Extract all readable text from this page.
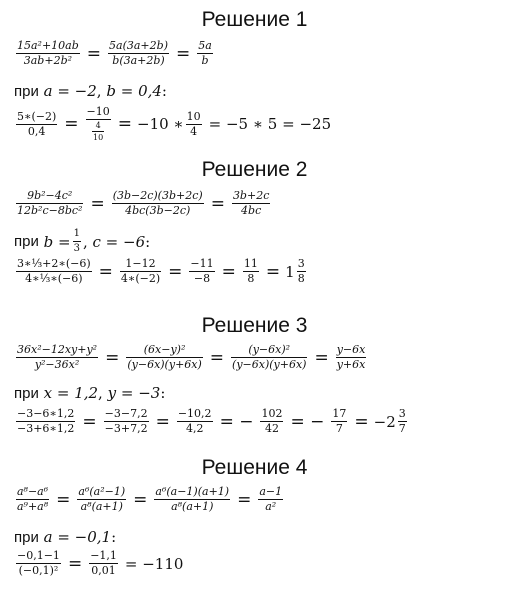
Решение 1
$\frac{\text{15a²+10ab}}{\text{3ab+2b²}} = \frac{5a(3a+2b)}{b(3a+2b)} = \frac{5a}{b}$
при
a = −2 ,
b = 0,4 :
$\frac{5∗(-2)}{0,4} = \frac{-10}{\frac{4}{10}} = -10$ ∗ $\frac{10}{4} = -5$ ∗ 5 = −25
Решение 2
$\frac{\text{9b²−4c²}}{\text{12b²c−8bc²}} = \frac{(3b-2c)(3b+2c)}{4bc(3b-2c)} = \frac{3b+2c}{4bc}$
при
$b = \frac{1}{3}$ ,
c = −6 :
$\frac{\text{3∗⅓+2∗(−6)}}{\text{4∗⅓∗(−6)}} = \frac{1-12}{4∗(-2)} = \frac{-11}{-8} = \frac{11}{8} = 1 \frac{3}{8}$
Решение 3
$\frac{\text{36x²−12xy+y²}}{\text{y²−36x²}} = \frac{\text{(6x−y)²}}{(y-6x)(y+6x)} = \frac{\text{(y−6x)²}}{(y-6x)(y+6x)} = \frac{y-6x}{y+6x}$
при
x = 1,2 ,
y = −3 :
$\frac{-3-6∗1,2}{-3+6∗1,2} = \frac{-3-7,2}{-3+7,2} = \frac{-10,2}{4,2}$ = − $\frac{102}{42}$ = − $\frac{17}{7} = -2 \frac{3}{7}$
Решение 4
$\frac{\text{a⁸−a⁶}}{\text{a⁹+a⁸}} = \frac{\text{a⁶(a²−1)}}{\text{a⁸(a+1)}} = \frac{\text{a⁶(a−1)(a+1)}}{\text{a⁸(a+1)}} = \frac{a-1}{\text{a²}}$
при
a = −0,1 :
$\frac{-0,1-1}{\text{(−0,1)²}} = \frac{-1,1}{0,01} = -110$
